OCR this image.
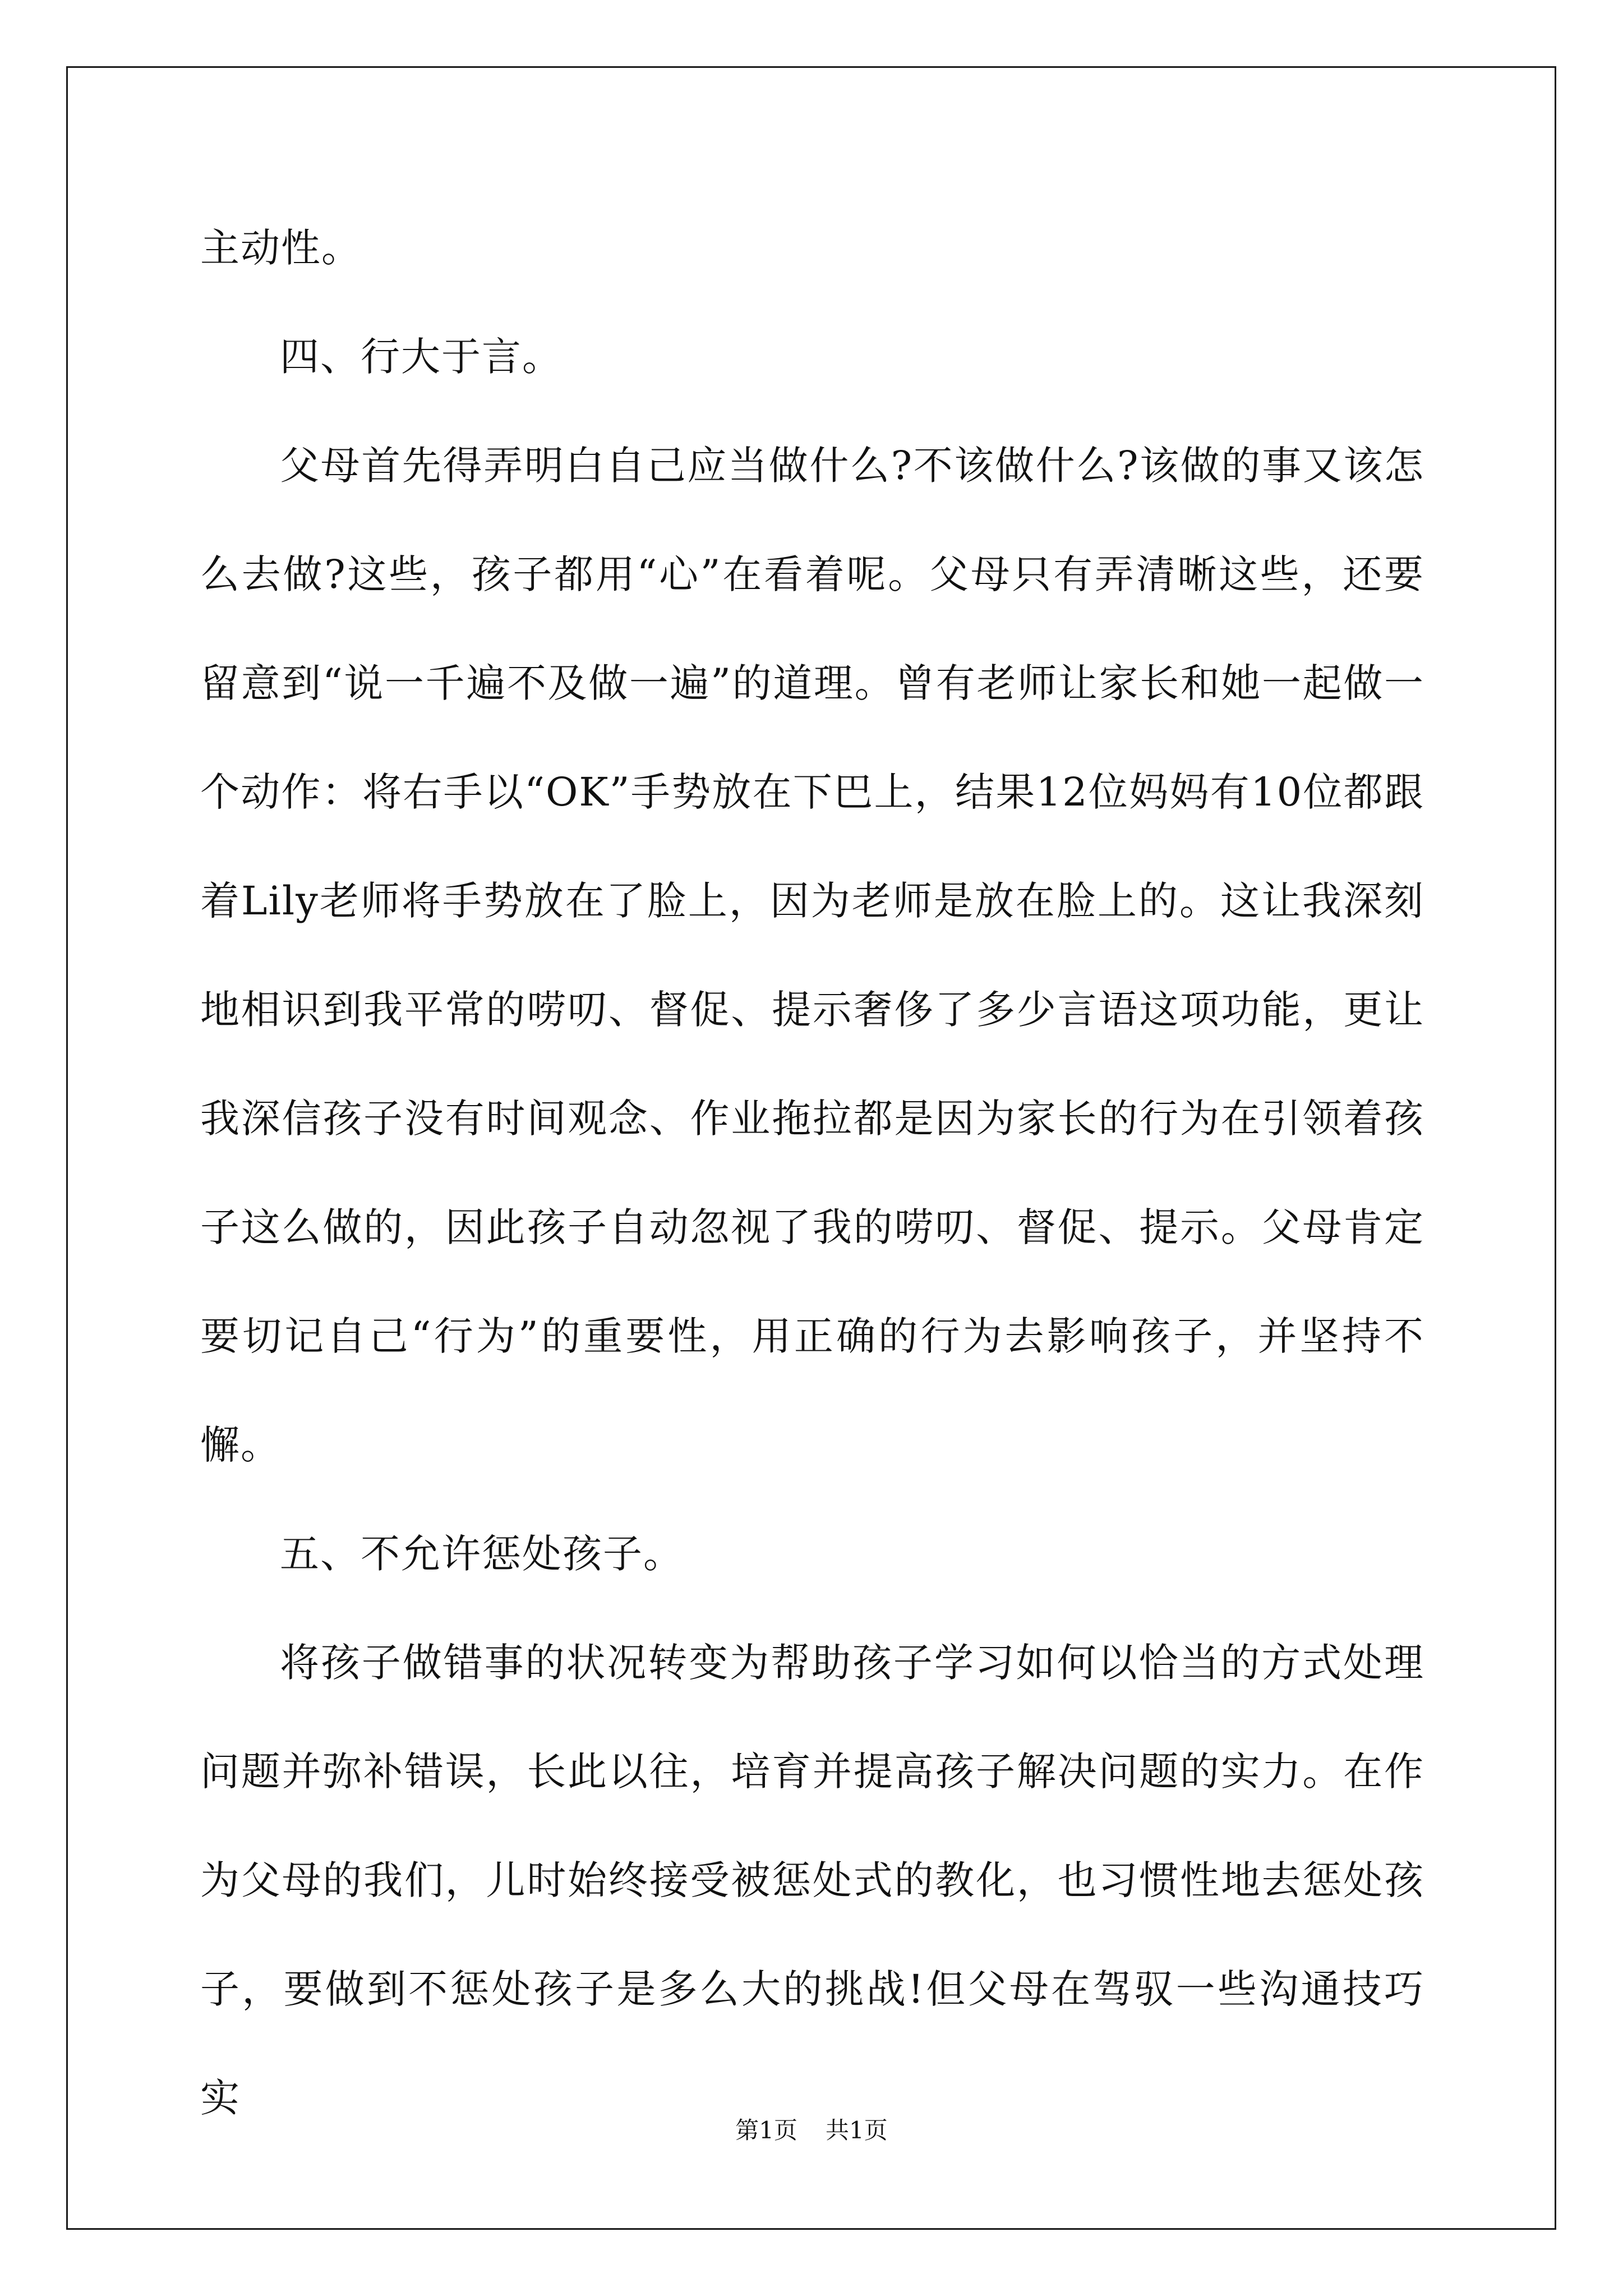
主动性。

四、行大于言。

父母首先得弄明白自己应当做什么?不该做什么?该做的事又该怎么去做?这些，孩子都用“心”在看着呢。父母只有弄清晰这些，还要留意到“说一千遍不及做一遍”的道理。曾有老师让家长和她一起做一个动作：将右手以“OK”手势放在下巴上，结果12位妈妈有10位都跟着Lily老师将手势放在了脸上，因为老师是放在脸上的。这让我深刻地相识到我平常的唠叨、督促、提示奢侈了多少言语这项功能，更让我深信孩子没有时间观念、作业拖拉都是因为家长的行为在引领着孩子这么做的，因此孩子自动忽视了我的唠叨、督促、提示。父母肯定要切记自己“行为”的重要性，用正确的行为去影响孩子，并坚持不懈。

五、不允许惩处孩子。

将孩子做错事的状况转变为帮助孩子学习如何以恰当的方式处理问题并弥补错误，长此以往，培育并提高孩子解决问题的实力。在作为父母的我们，儿时始终接受被惩处式的教化，也习惯性地去惩处孩子，要做到不惩处孩子是多么大的挑战!但父母在驾驭一些沟通技巧实

第1页 共1页
